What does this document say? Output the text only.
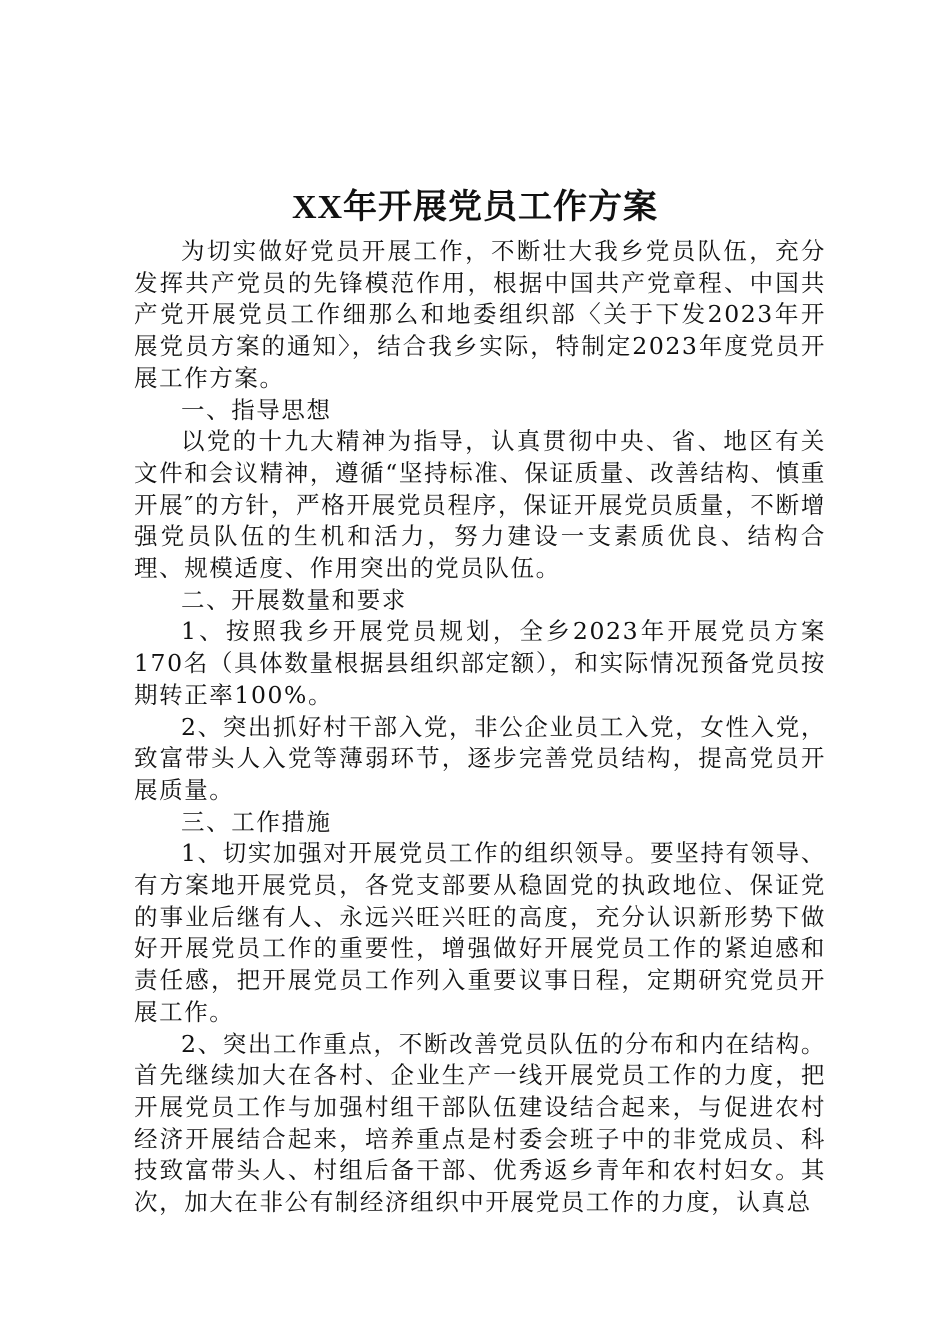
XX年开展党员工作方案

为切实做好党员开展工作，不断壮大我乡党员队伍，充分发挥共产党员的先锋模范作用，根据中国共产党章程、中国共产党开展党员工作细那么和地委组织部〈关于下发2023年开展党员方案的通知〉，结合我乡实际，特制定2023年度党员开展工作方案。

一、指导思想

以党的十九大精神为指导，认真贯彻中央、省、地区有关文件和会议精神，遵循“坚持标准、保证质量、改善结构、慎重开展″的方针，严格开展党员程序，保证开展党员质量，不断增强党员队伍的生机和活力，努力建设一支素质优良、结构合理、规模适度、作用突出的党员队伍。

二、开展数量和要求

1、按照我乡开展党员规划，全乡2023年开展党员方案170名（具体数量根据县组织部定额），和实际情况预备党员按期转正率100%。

2、突出抓好村干部入党，非公企业员工入党，女性入党，致富带头人入党等薄弱环节，逐步完善党员结构，提高党员开展质量。

三、工作措施

1、切实加强对开展党员工作的组织领导。要坚持有领导、有方案地开展党员，各党支部要从稳固党的执政地位、保证党的事业后继有人、永远兴旺兴旺的高度，充分认识新形势下做好开展党员工作的重要性，增强做好开展党员工作的紧迫感和责任感，把开展党员工作列入重要议事日程，定期研究党员开展工作。

2、突出工作重点，不断改善党员队伍的分布和内在结构。首先继续加大在各村、企业生产一线开展党员工作的力度，把开展党员工作与加强村组干部队伍建设结合起来，与促进农村经济开展结合起来，培养重点是村委会班子中的非党成员、科技致富带头人、村组后备干部、优秀返乡青年和农村妇女。其次，加大在非公有制经济组织中开展党员工作的力度，认真总
